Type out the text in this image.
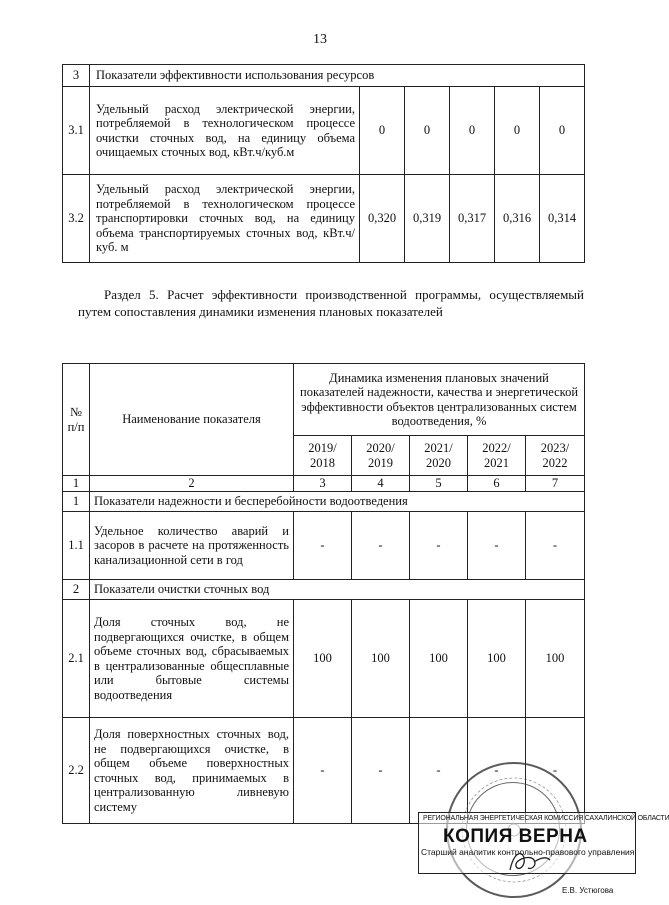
13
3	Показатели эффективности использования ресурсов					
3.1	Удельный расход электрической энергии, потребляемой в технологическом процессе очистки сточных вод, на единицу объема очищаемых сточных вод, кВт.ч/куб.м	0	0	0	0	0
3.2	Удельный расход электрической энергии, потребляемой в технологическом процессе транспортировки сточных вод, на единицу объема транспортируемых сточных вод, кВт.ч/куб. м	0,320	0,319	0,317	0,316	0,314
Раздел 5. Расчет эффективности производственной программы, осуществляемый путем сопоставления динамики изменения плановых показателей
№ п/п	Наименование показателя	Динамика изменения плановых значений показателей надежности, качества и энергетической эффективности объектов централизованных систем водоотведения, %				
		2019/ 2018	2020/ 2019	2021/ 2020	2022/ 2021	2023/ 2022
1	2	3	4	5	6	7
1	Показатели надежности и бесперебойности водоотведения					
1.1	Удельное количество аварий и засоров в расчете на протяженность канализационной сети в год	-	-	-	-	-
2	Показатели очистки сточных вод					
2.1	Доля сточных вод, не подвергающихся очистке, в общем объеме сточных вод, сбрасываемых в централизованные общесплавные или бытовые системы водоотведения	100	100	100	100	100
2.2	Доля поверхностных сточных вод, не подвергающихся очистке, в общем объеме поверхностных сточных вод, принимаемых в централизованную ливневую систему	-	-	-	-	-
РЕГИОНАЛЬНАЯ ЭНЕРГЕТИЧЕСКАЯ КОМИССИЯ САХАЛИНСКОЙ ОБЛАСТИ
КОПИЯ ВЕРНА
Старший аналитик контрольно-правового управления
Е.В. Устюгова
